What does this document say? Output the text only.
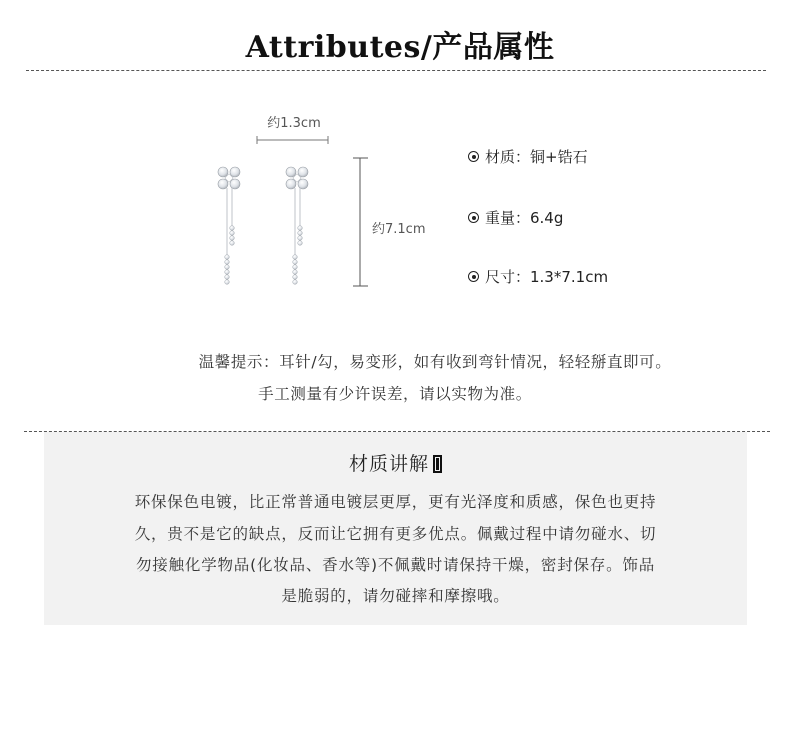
Attributes/产品属性
约1.3cm
约7.1cm
材质：铜+锆石
重量：6.4g
尺寸：1.3*7.1cm
温馨提示：耳针/勾，易变形，如有收到弯针情况，轻轻掰直即可。
手工测量有少许误差，请以实物为准。
材质讲解
环保保色电镀，比正常普通电镀层更厚，更有光泽度和质感，保色也更持
久，贵不是它的缺点，反而让它拥有更多优点。佩戴过程中请勿碰水、切
勿接触化学物品(化妆品、香水等)不佩戴时请保持干燥，密封保存。饰品
是脆弱的，请勿碰摔和摩擦哦。
